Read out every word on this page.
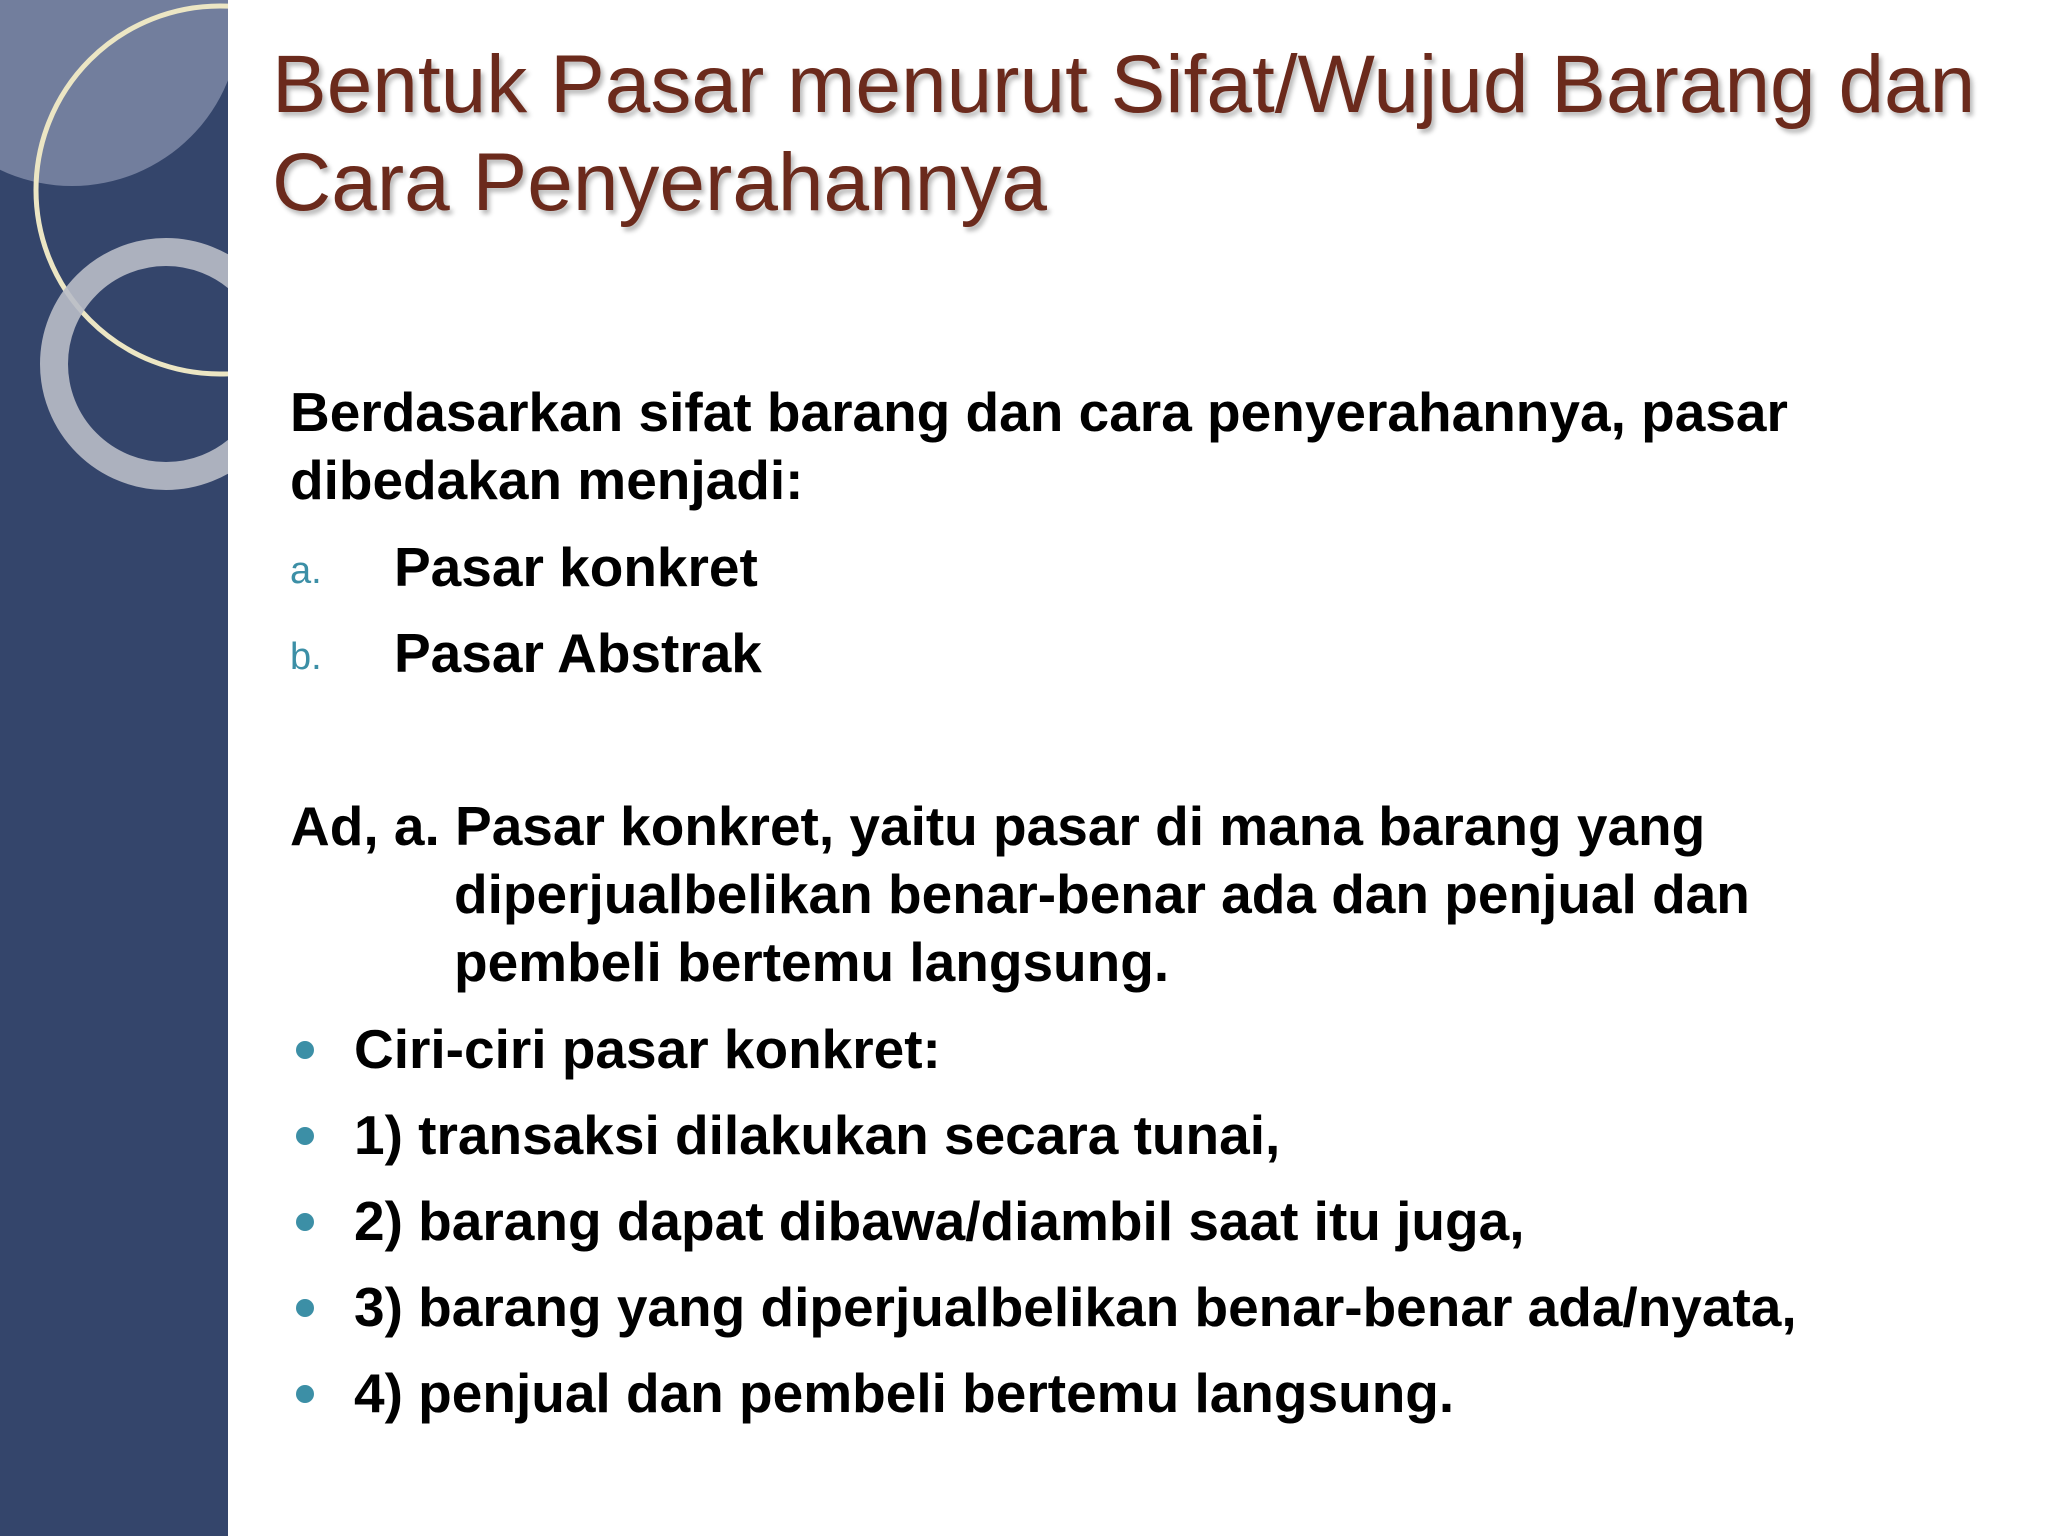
Bentuk Pasar menurut Sifat/Wujud Barang dan
Cara Penyerahannya

Berdasarkan sifat barang dan cara penyerahannya, pasar
dibedakan menjadi:

a. Pasar konkret
b. Pasar Abstrak
Ad, a. Pasar konkret, yaitu pasar di mana barang yang
diperjualbelikan benar-benar ada dan penjual dan
pembeli bertemu langsung.
Ciri-ciri pasar konkret:
1) transaksi dilakukan secara tunai,
2) barang dapat dibawa/diambil saat itu juga,
3) barang yang diperjualbelikan benar-benar ada/nyata,
4) penjual dan pembeli bertemu langsung.
